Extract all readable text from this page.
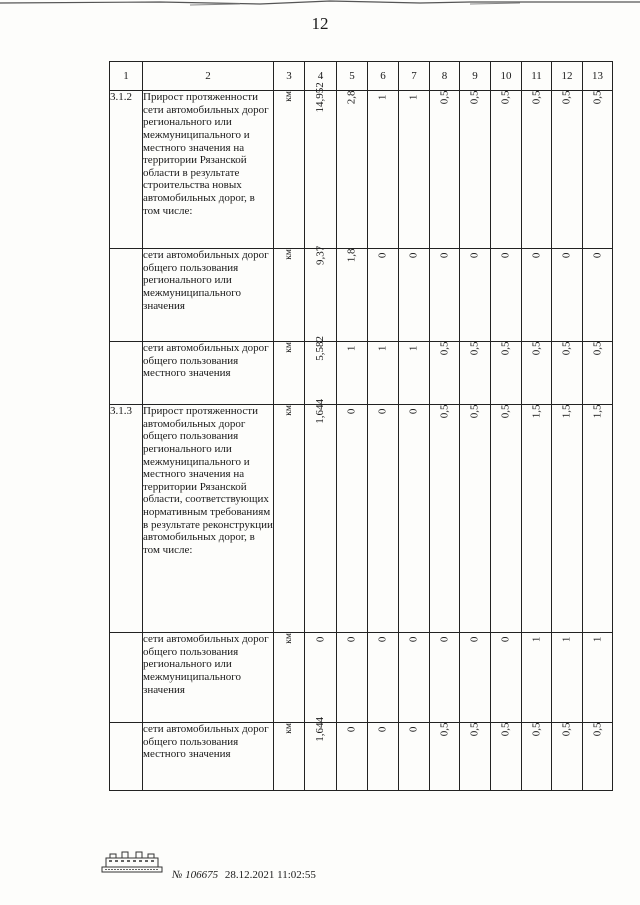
12
1	2	3	4	5	6	7	8	9	10	11	12	13
3.1.2	Прирост протяженности сети автомобильных дорог регионального или межмуниципального и местного значения на территории Рязанской области в результате строительства новых автомобильных дорог, в том числе:	км	14,952	2,8	1	1	0,5	0,5	0,5	0,5	0,5	0,5

	сети автомобильных дорог общего пользования регионального или межмуниципального значения	км	9,37	1,8	0	0	0	0	0	0	0	0

	сети автомобильных дорог общего пользования местного значения	км	5,582	1	1	1	0,5	0,5	0,5	0,5	0,5	0,5

3.1.3	Прирост протяженности автомобильных дорог общего пользования регионального или межмуниципального и местного значения на территории Рязанской области, соответствующих нормативным требованиям в результате реконструкции автомобильных дорог, в том числе:	км	1,644	0	0	0	0,5	0,5	0,5	1,5	1,5	1,5

	сети автомобильных дорог общего пользования регионального или межмуниципального значения	км	0	0	0	0	0	0	0	1	1	1

	сети автомобильных дорог общего пользования местного значения	км	1,644	0	0	0	0,5	0,5	0,5	0,5	0,5	0,5
№ 106675 28.12.2021 11:02:55
